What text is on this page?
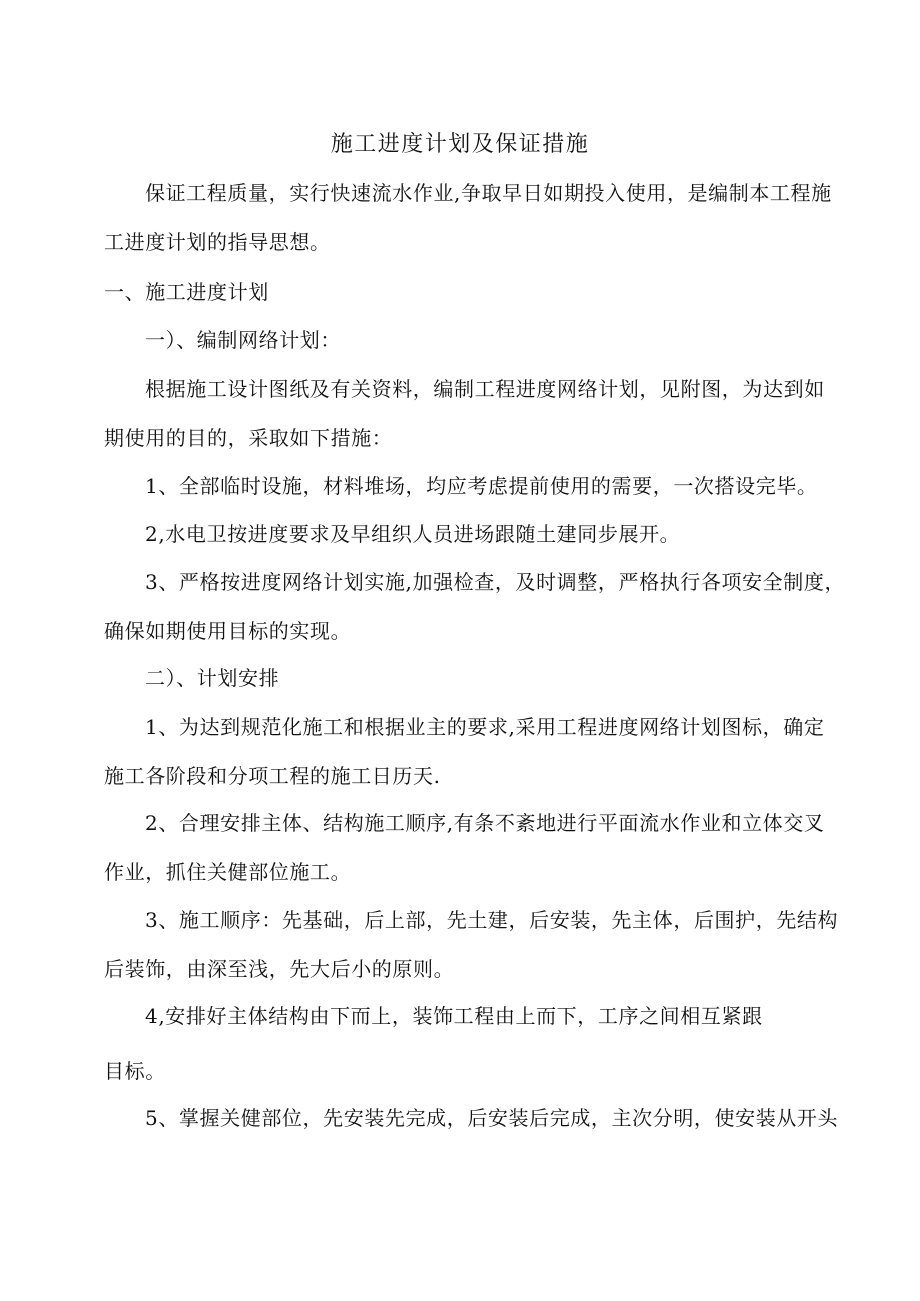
施工进度计划及保证措施
保证工程质量，实行快速流水作业,争取早日如期投入使用，是编制本工程施
工进度计划的指导思想。
一、施工进度计划
一）、编制网络计划：
根据施工设计图纸及有关资料，编制工程进度网络计划，见附图，为达到如
期使用的目的，采取如下措施：
1、全部临时设施，材料堆场，均应考虑提前使用的需要，一次搭设完毕。
2,水电卫按进度要求及早组织人员进场跟随土建同步展开。
3、严格按进度网络计划实施,加强检查，及时调整，严格执行各项安全制度，
确保如期使用目标的实现。
二）、计划安排
1、为达到规范化施工和根据业主的要求,采用工程进度网络计划图标，确定
施工各阶段和分项工程的施工日历天.
2、合理安排主体、结构施工顺序,有条不紊地进行平面流水作业和立体交叉
作业，抓住关健部位施工。
3、施工顺序：先基础，后上部，先土建，后安装，先主体，后围护，先结构
后装饰，由深至浅，先大后小的原则。
4,安排好主体结构由下而上，装饰工程由上而下，工序之间相互紧跟
目标。
5、掌握关健部位，先安装先完成，后安装后完成，主次分明，使安装从开头
